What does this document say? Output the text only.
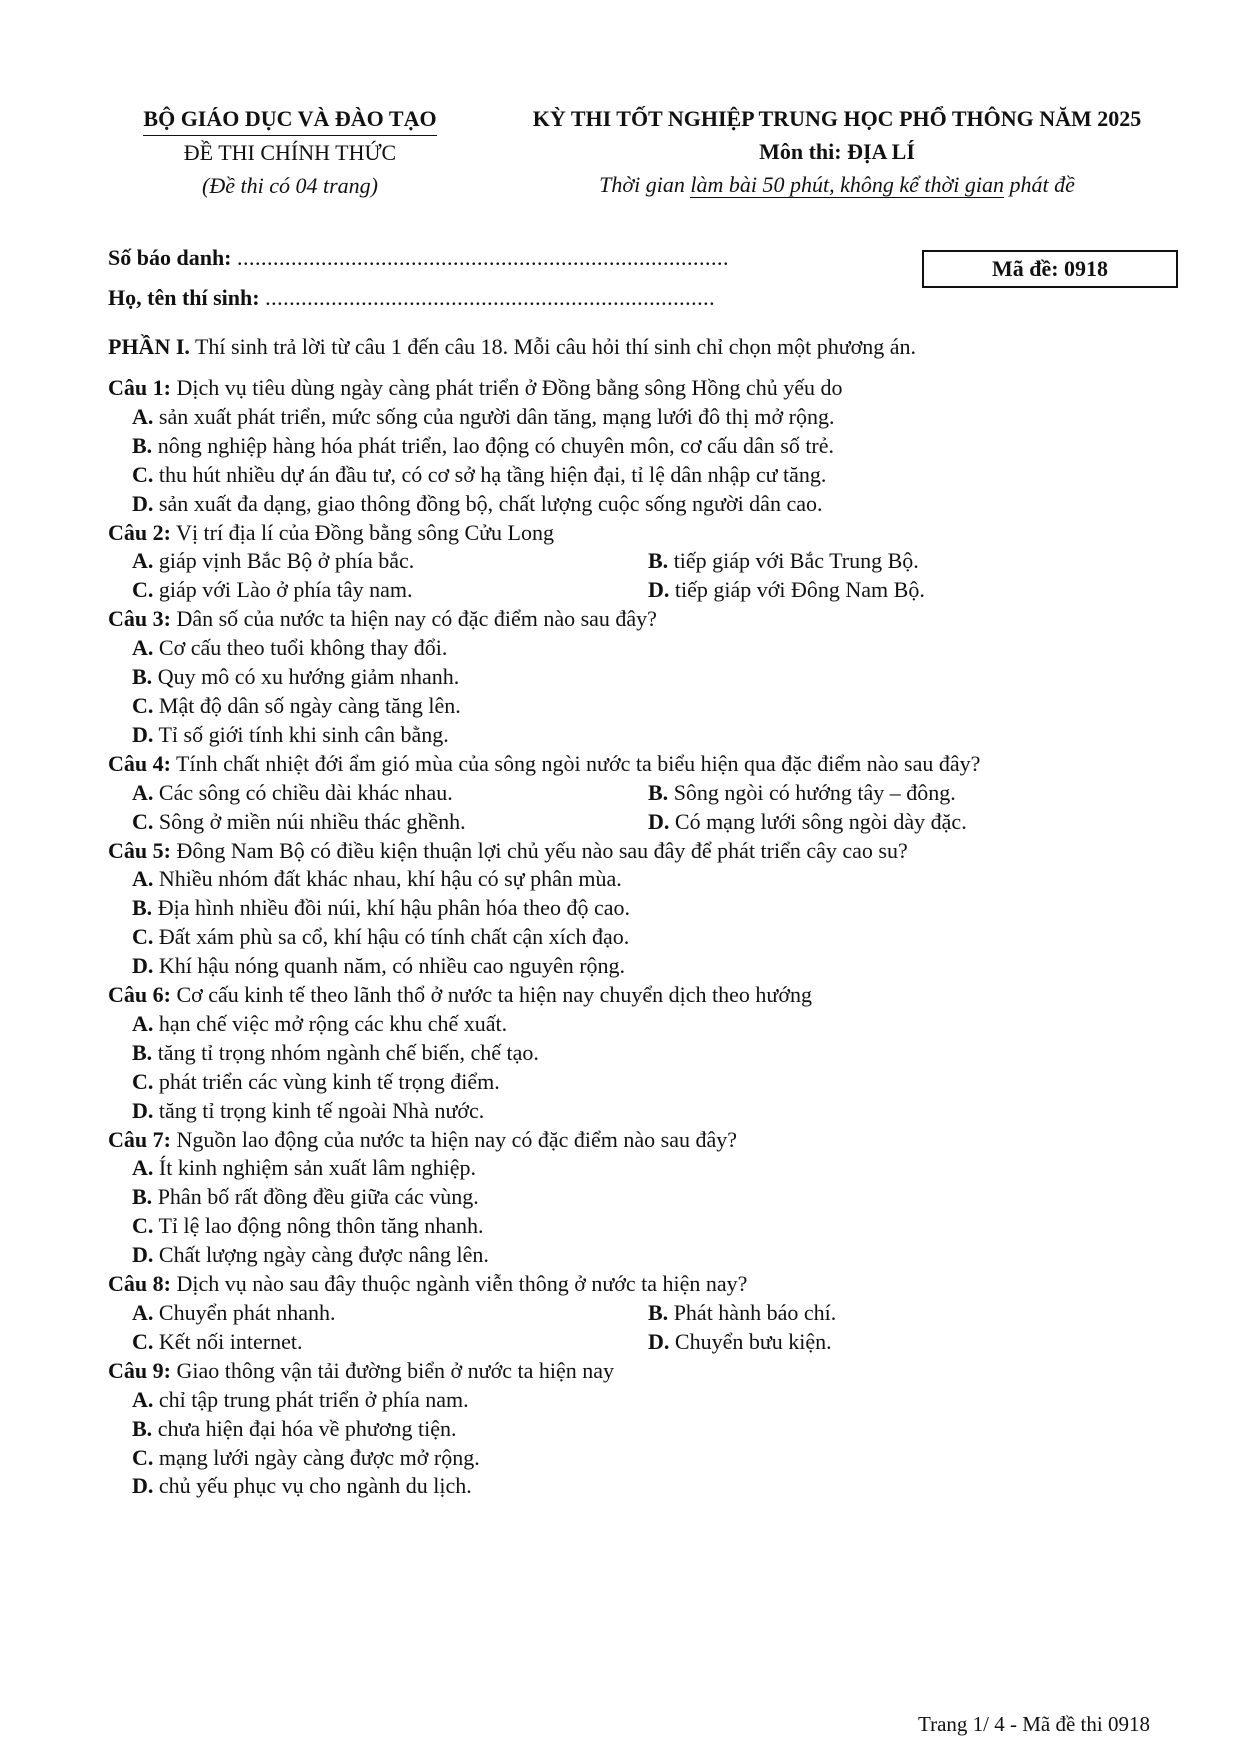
BỘ GIÁO DỤC VÀ ĐÀO TẠO
ĐỀ THI CHÍNH THỨC
(Đề thi có 04 trang)
KỲ THI TỐT NGHIỆP TRUNG HỌC PHỔ THÔNG NĂM 2025
Môn thi: ĐỊA LÍ
Thời gian làm bài 50 phút, không kể thời gian phát đề
Số báo danh: ..................................................................................
Họ, tên thí sinh: ...........................................................................
Mã đề: 0918
PHẦN I. Thí sinh trả lời từ câu 1 đến câu 18. Mỗi câu hỏi thí sinh chỉ chọn một phương án.
Câu 1: Dịch vụ tiêu dùng ngày càng phát triển ở Đồng bằng sông Hồng chủ yếu do
A. sản xuất phát triển, mức sống của người dân tăng, mạng lưới đô thị mở rộng.
B. nông nghiệp hàng hóa phát triển, lao động có chuyên môn, cơ cấu dân số trẻ.
C. thu hút nhiều dự án đầu tư, có cơ sở hạ tầng hiện đại, tỉ lệ dân nhập cư tăng.
D. sản xuất đa dạng, giao thông đồng bộ, chất lượng cuộc sống người dân cao.
Câu 2: Vị trí địa lí của Đồng bằng sông Cửu Long
A. giáp vịnh Bắc Bộ ở phía bắc.	B. tiếp giáp với Bắc Trung Bộ.
C. giáp với Lào ở phía tây nam.	D. tiếp giáp với Đông Nam Bộ.
Câu 3: Dân số của nước ta hiện nay có đặc điểm nào sau đây?
A. Cơ cấu theo tuổi không thay đổi.
B. Quy mô có xu hướng giảm nhanh.
C. Mật độ dân số ngày càng tăng lên.
D. Tỉ số giới tính khi sinh cân bằng.
Câu 4: Tính chất nhiệt đới ẩm gió mùa của sông ngòi nước ta biểu hiện qua đặc điểm nào sau đây?
A. Các sông có chiều dài khác nhau.	B. Sông ngòi có hướng tây – đông.
C. Sông ở miền núi nhiều thác ghềnh.	D. Có mạng lưới sông ngòi dày đặc.
Câu 5: Đông Nam Bộ có điều kiện thuận lợi chủ yếu nào sau đây để phát triển cây cao su?
A. Nhiều nhóm đất khác nhau, khí hậu có sự phân mùa.
B. Địa hình nhiều đồi núi, khí hậu phân hóa theo độ cao.
C. Đất xám phù sa cổ, khí hậu có tính chất cận xích đạo.
D. Khí hậu nóng quanh năm, có nhiều cao nguyên rộng.
Câu 6: Cơ cấu kinh tế theo lãnh thổ ở nước ta hiện nay chuyển dịch theo hướng
A. hạn chế việc mở rộng các khu chế xuất.
B. tăng tỉ trọng nhóm ngành chế biến, chế tạo.
C. phát triển các vùng kinh tế trọng điểm.
D. tăng tỉ trọng kinh tế ngoài Nhà nước.
Câu 7: Nguồn lao động của nước ta hiện nay có đặc điểm nào sau đây?
A. Ít kinh nghiệm sản xuất lâm nghiệp.
B. Phân bố rất đồng đều giữa các vùng.
C. Tỉ lệ lao động nông thôn tăng nhanh.
D. Chất lượng ngày càng được nâng lên.
Câu 8: Dịch vụ nào sau đây thuộc ngành viễn thông ở nước ta hiện nay?
A. Chuyển phát nhanh.	B. Phát hành báo chí.
C. Kết nối internet.	D. Chuyển bưu kiện.
Câu 9: Giao thông vận tải đường biển ở nước ta hiện nay
A. chỉ tập trung phát triển ở phía nam.
B. chưa hiện đại hóa về phương tiện.
C. mạng lưới ngày càng được mở rộng.
D. chủ yếu phục vụ cho ngành du lịch.
Trang 1/ 4 - Mã đề thi 0918
